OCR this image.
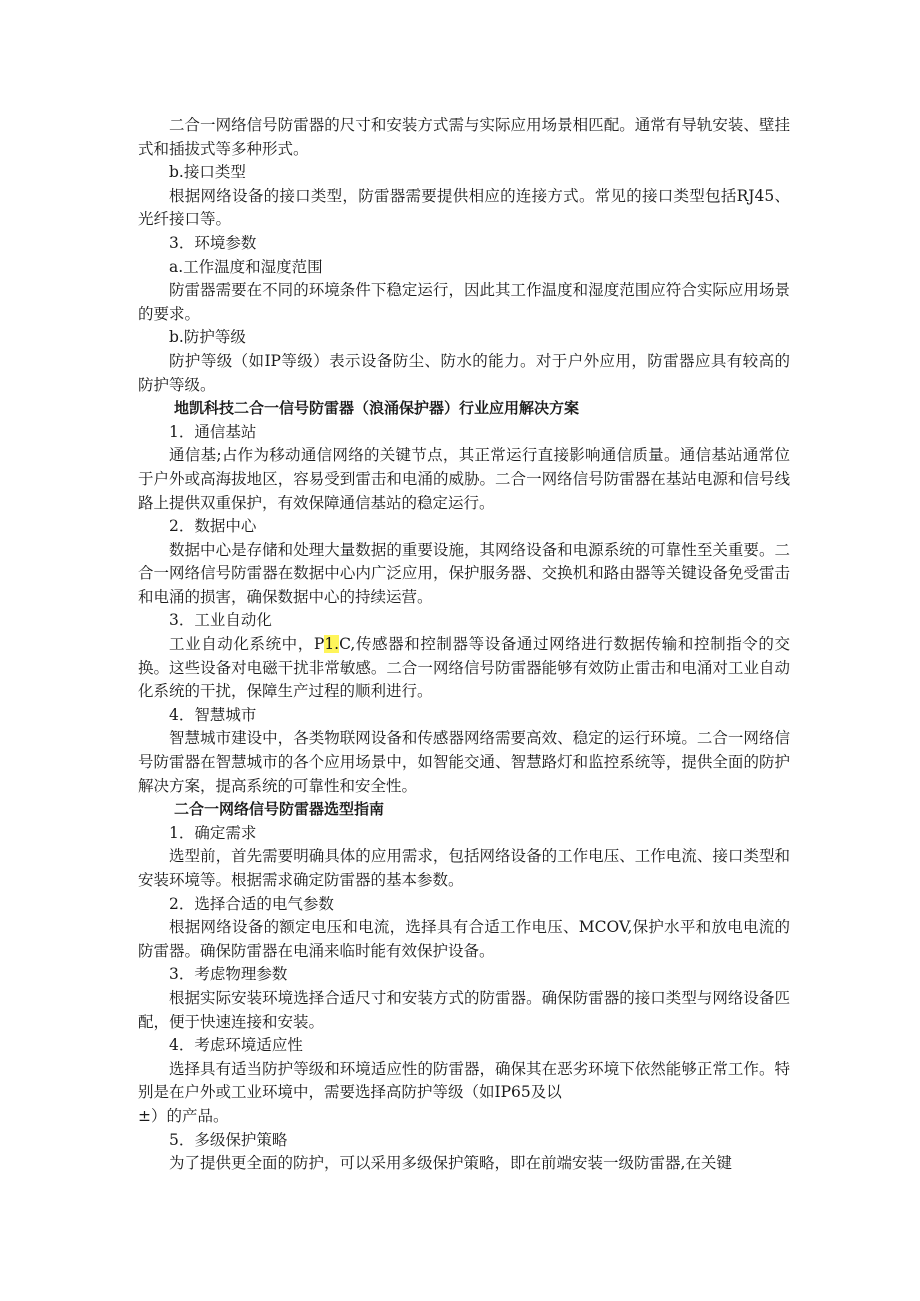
二合一网络信号防雷器的尺寸和安装方式需与实际应用场景相匹配。通常有导轨安装、壁挂式和插拔式等多种形式。

b.接口类型

根据网络设备的接口类型，防雷器需要提供相应的连接方式。常见的接口类型包括RJ45、光纤接口等。

3．环境参数

a.工作温度和湿度范围

防雷器需要在不同的环境条件下稳定运行，因此其工作温度和湿度范围应符合实际应用场景的要求。

b.防护等级

防护等级（如IP等级）表示设备防尘、防水的能力。对于户外应用，防雷器应具有较高的防护等级。

地凯科技二合一信号防雷器（浪涌保护器）行业应用解决方案

1．通信基站

通信基;占作为移动通信网络的关键节点，其正常运行直接影响通信质量。通信基站通常位于户外或高海拔地区，容易受到雷击和电涌的威胁。二合一网络信号防雷器在基站电源和信号线路上提供双重保护，有效保障通信基站的稳定运行。

2．数据中心

数据中心是存储和处理大量数据的重要设施，其网络设备和电源系统的可靠性至关重要。二合一网络信号防雷器在数据中心内广泛应用，保护服务器、交换机和路由器等关键设备免受雷击和电涌的损害，确保数据中心的持续运营。

3．工业自动化

工业自动化系统中，P1.C,传感器和控制器等设备通过网络进行数据传输和控制指令的交换。这些设备对电磁干扰非常敏感。二合一网络信号防雷器能够有效防止雷击和电涌对工业自动化系统的干扰，保障生产过程的顺利进行。

4．智慧城市

智慧城市建设中，各类物联网设备和传感器网络需要高效、稳定的运行环境。二合一网络信号防雷器在智慧城市的各个应用场景中，如智能交通、智慧路灯和监控系统等，提供全面的防护解决方案，提高系统的可靠性和安全性。

二合一网络信号防雷器选型指南

1．确定需求

选型前，首先需要明确具体的应用需求，包括网络设备的工作电压、工作电流、接口类型和安装环境等。根据需求确定防雷器的基本参数。

2．选择合适的电气参数

根据网络设备的额定电压和电流，选择具有合适工作电压、MCOV,保护水平和放电电流的防雷器。确保防雷器在电涌来临时能有效保护设备。

3．考虑物理参数

根据实际安装环境选择合适尺寸和安装方式的防雷器。确保防雷器的接口类型与网络设备匹配，便于快速连接和安装。

4．考虑环境适应性

选择具有适当防护等级和环境适应性的防雷器，确保其在恶劣环境下依然能够正常工作。特别是在户外或工业环境中，需要选择高防护等级（如IP65及以

±）的产品。

5．多级保护策略

为了提供更全面的防护，可以采用多级保护策略，即在前端安装一级防雷器,在关键
